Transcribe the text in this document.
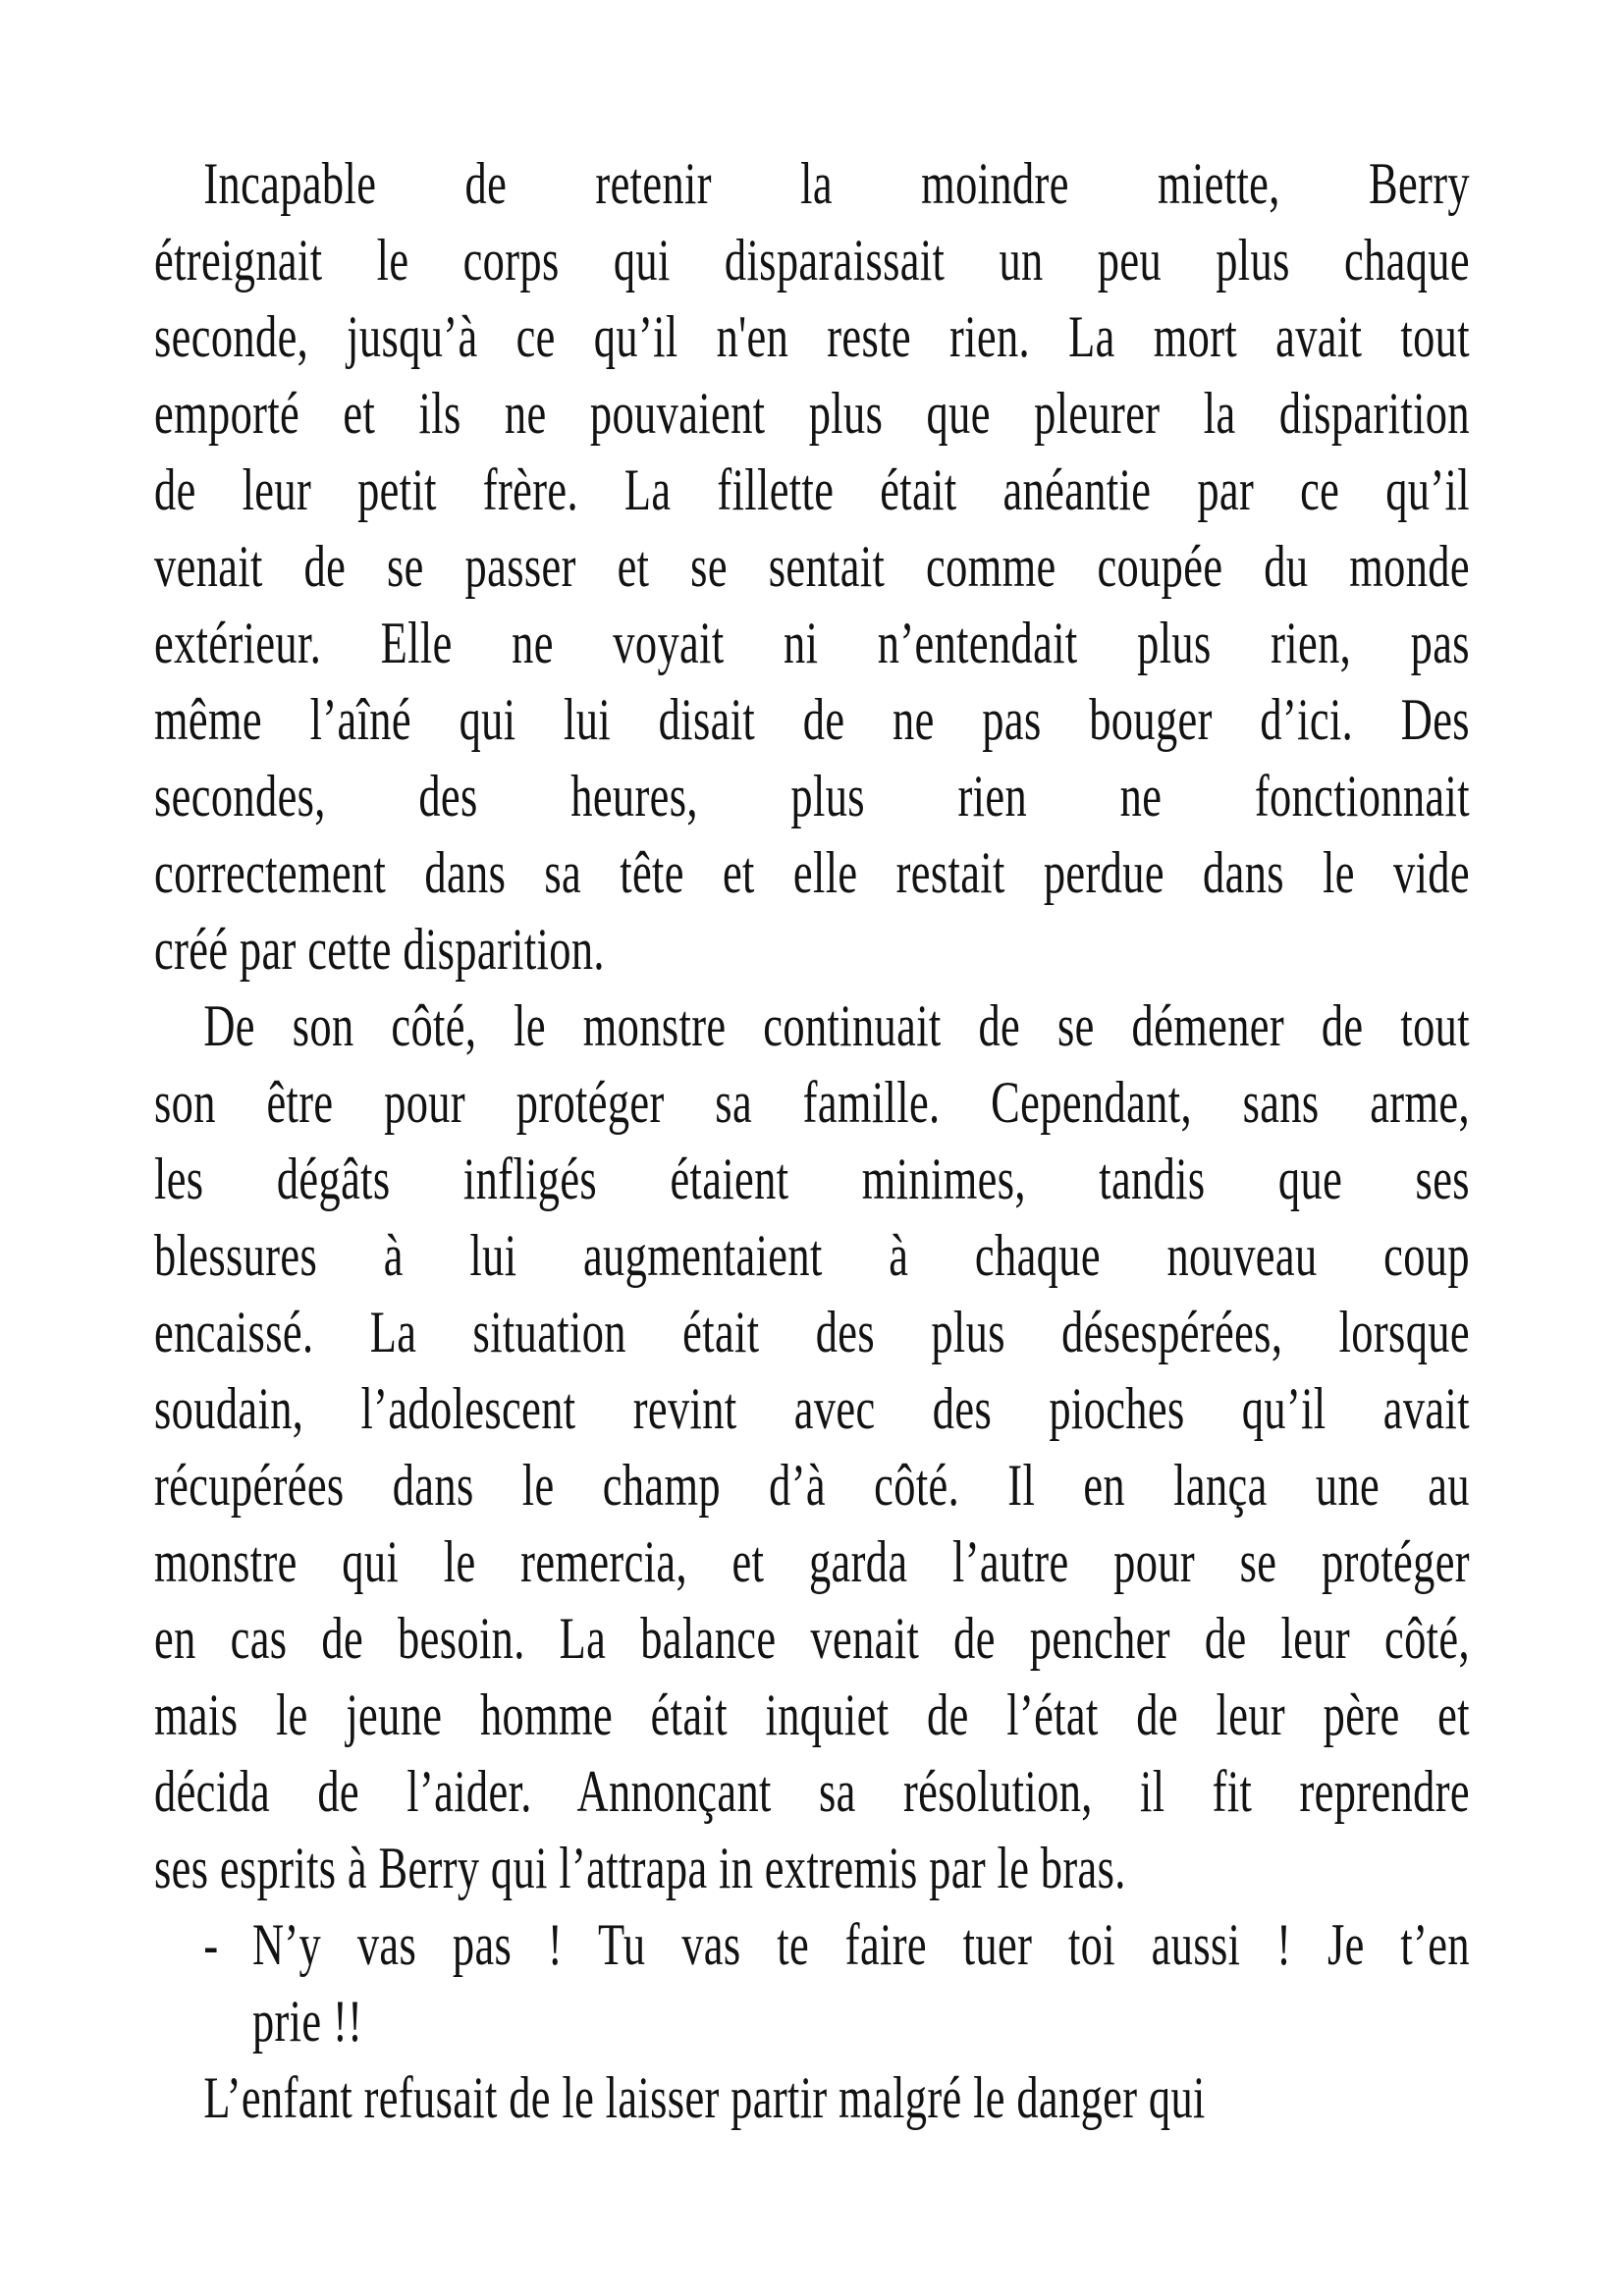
Incapable de retenir la moindre miette, Berry
étreignait le corps qui disparaissait un peu plus chaque
seconde, jusqu’à ce qu’il n'en reste rien. La mort avait tout
emporté et ils ne pouvaient plus que pleurer la disparition
de leur petit frère. La fillette était anéantie par ce qu’il
venait de se passer et se sentait comme coupée du monde
extérieur. Elle ne voyait ni n’entendait plus rien, pas
même l’aîné qui lui disait de ne pas bouger d’ici. Des
secondes, des heures, plus rien ne fonctionnait
correctement dans sa tête et elle restait perdue dans le vide
créé par cette disparition.
De son côté, le monstre continuait de se démener de tout
son être pour protéger sa famille. Cependant, sans arme,
les dégâts infligés étaient minimes, tandis que ses
blessures à lui augmentaient à chaque nouveau coup
encaissé. La situation était des plus désespérées, lorsque
soudain, l’adolescent revint avec des pioches qu’il avait
récupérées dans le champ d’à côté. Il en lança une au
monstre qui le remercia, et garda l’autre pour se protéger
en cas de besoin. La balance venait de pencher de leur côté,
mais le jeune homme était inquiet de l’état de leur père et
décida de l’aider. Annonçant sa résolution, il fit reprendre
ses esprits à Berry qui l’attrapa in extremis par le bras.
- N’y vas pas ! Tu vas te faire tuer toi aussi ! Je t’en
prie !!
L’enfant refusait de le laisser partir malgré le danger qui
